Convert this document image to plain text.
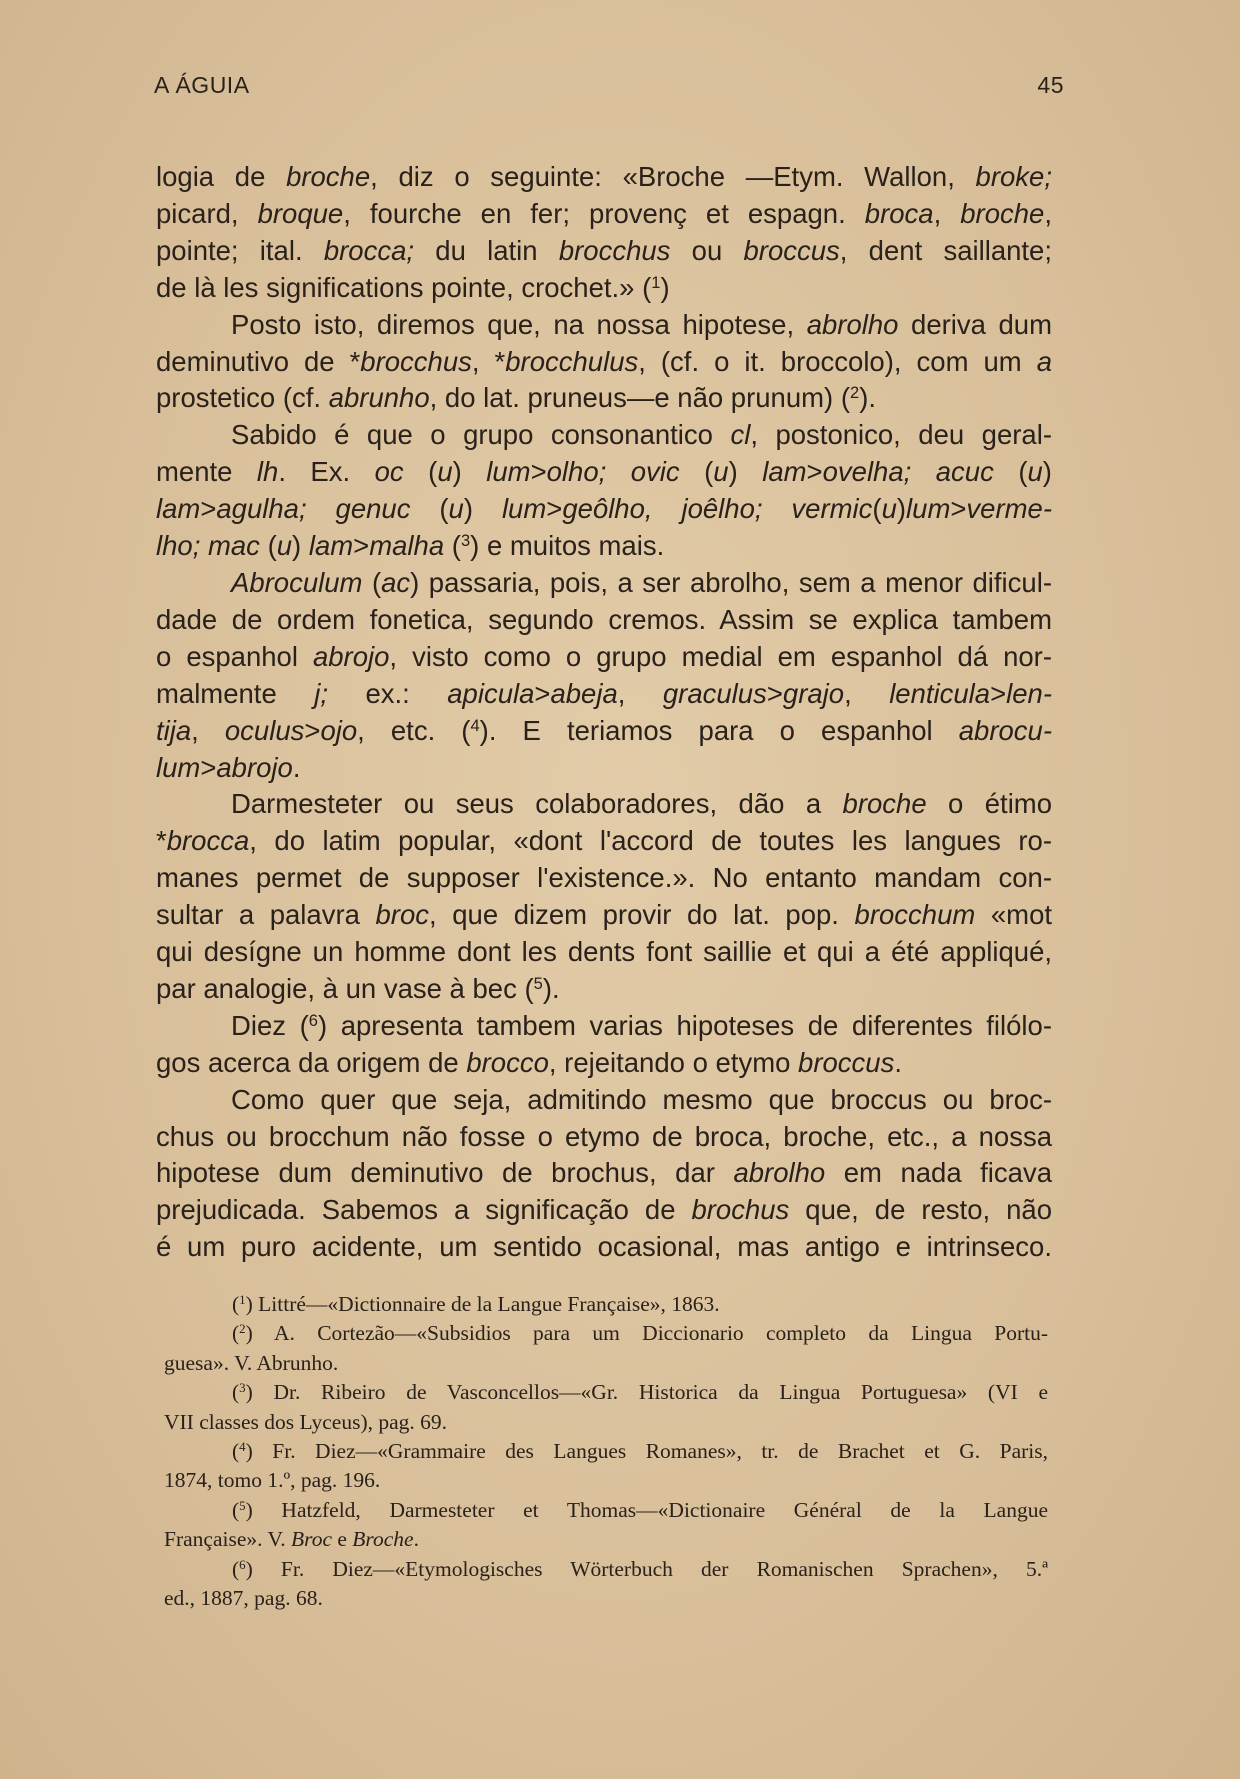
A ÁGUIA	45
logia de broche, diz o seguinte: «Broche —Etym. Wallon, broke;
picard, broque, fourche en fer; provenç et espagn. broca, broche,
pointe; ital. brocca; du latin brocchus ou broccus, dent saillante;
de là les significations pointe, crochet.» ($^1$)
Posto isto, diremos que, na nossa hipotese, abrolho deriva dum
deminutivo de *brocchus, *brocchulus, (cf. o it. broccolo), com um a
prostetico (cf. abrunho, do lat. pruneus—e não prunum) ($^2$).
Sabido é que o grupo consonantico cl, postonico, deu geral-
mente lh. Ex. oc (u) lum>olho; ovic (u) lam>ovelha; acuc (u)
lam>agulha; genuc (u) lum>geôlho, joêlho; vermic(u)lum>verme-
lho; mac (u) lam>malha ($^3$) e muitos mais.
Abroculum (ac) passaria, pois, a ser abrolho, sem a menor dificul-
dade de ordem fonetica, segundo cremos. Assim se explica tambem
o espanhol abrojo, visto como o grupo medial em espanhol dá nor-
malmente j; ex.: apicula>abeja, graculus>grajo, lenticula>len-
tija, oculus>ojo, etc. ($^4$). E teriamos para o espanhol abrocu-
lum>abrojo.
Darmesteter ou seus colaboradores, dão a broche o étimo
*brocca, do latim popular, «dont l'accord de toutes les langues ro-
manes permet de supposer l'existence.». No entanto mandam con-
sultar a palavra broc, que dizem provir do lat. pop. brocchum «mot
qui desígne un homme dont les dents font saillie et qui a été appliqué,
par analogie, à un vase à bec ($^5$).
Diez ($^6$) apresenta tambem varias hipoteses de diferentes filólo-
gos acerca da origem de brocco, rejeitando o etymo broccus.
Como quer que seja, admitindo mesmo que broccus ou broc-
chus ou brocchum não fosse o etymo de broca, broche, etc., a nossa
hipotese dum deminutivo de brochus, dar abrolho em nada ficava
prejudicada. Sabemos a significação de brochus que, de resto, não
é um puro acidente, um sentido ocasional, mas antigo e intrinseco.
($^1$) Littré—«Dictionnaire de la Langue Française», 1863.
($^2$) A. Cortezão—«Subsidios para um Diccionario completo da Lingua Portu-
guesa». V. Abrunho.
($^3$) Dr. Ribeiro de Vasconcellos—«Gr. Historica da Lingua Portuguesa» (VI e
VII classes dos Lyceus), pag. 69.
($^4$) Fr. Diez—«Grammaire des Langues Romanes», tr. de Brachet et G. Paris,
1874, tomo 1.º, pag. 196.
($^5$) Hatzfeld, Darmesteter et Thomas—«Dictionaire Général de la Langue
Française». V. Broc e Broche.
($^6$) Fr. Diez—«Etymologisches Wörterbuch der Romanischen Sprachen», 5.ª
ed., 1887, pag. 68.
